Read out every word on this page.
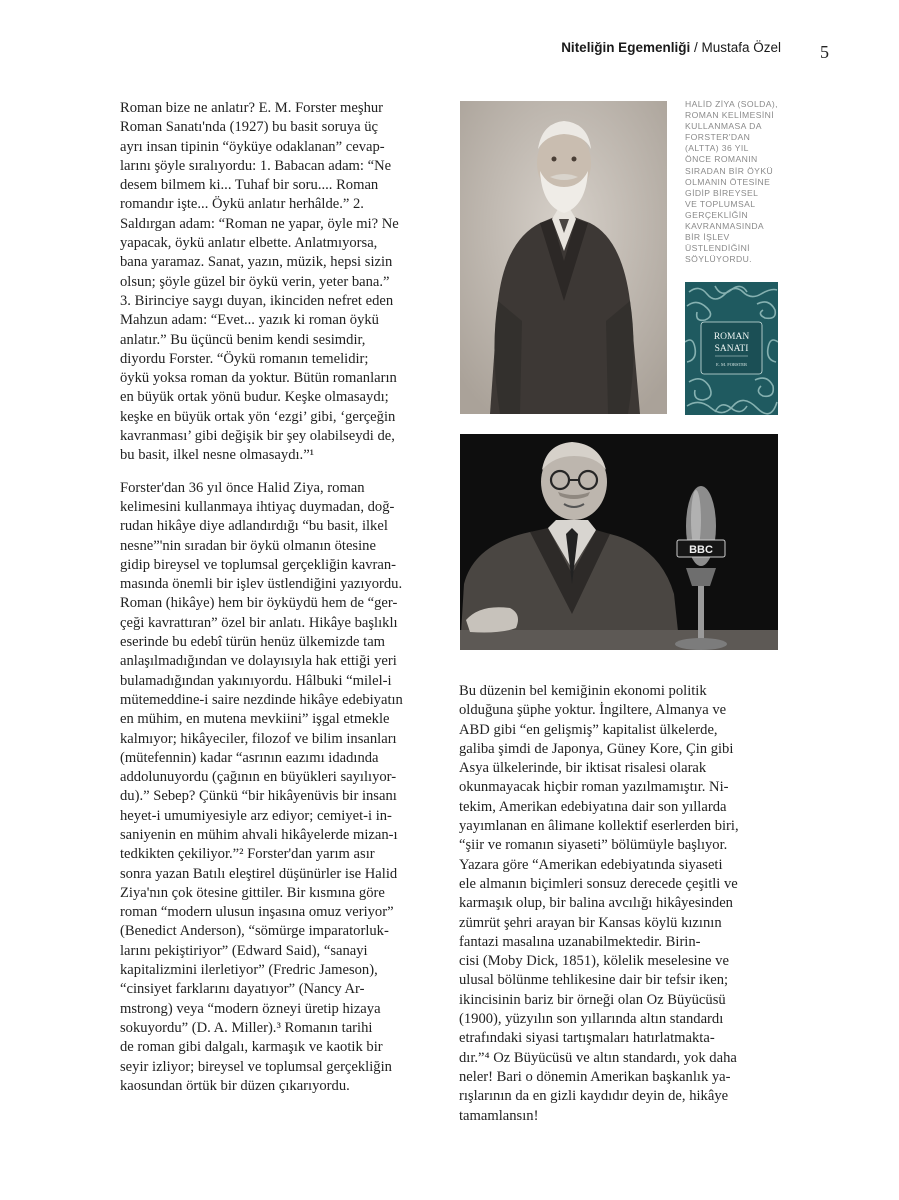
Niteliğin Egemenliği / Mustafa Özel 5
HALİD ZİYA (SOLDA),
ROMAN KELİMESİNİ
KULLANMASA DA
FORSTER'DAN
(ALTTA) 36 YIL
ÖNCE ROMANIN
SIRADAN BİR ÖYKÜ
OLMANIN ÖTESİNE
GİDİP BİREYSEL
VE TOPLUMSAL
GERÇEKLİĞİN
KAVRANMASINDA
BİR İŞLEV
ÜSTLENDİĞİNİ
SÖYLÜYORDU.
ROMAN
SANATI
E. M. FORSTER
BBC

Roman bize ne anlatır? E. M. Forster meşhur
Roman Sanatı'nda (1927) bu basit soruya üç
ayrı insan tipinin “öyküye odaklanan” cevap-
larını şöyle sıralıyordu: 1. Babacan adam: “Ne
desem bilmem ki... Tuhaf bir soru.... Roman
romandır işte... Öykü anlatır herhâlde.” 2.
Saldırgan adam: “Roman ne yapar, öyle mi? Ne
yapacak, öykü anlatır elbette. Anlatmıyorsa,
bana yaramaz. Sanat, yazın, müzik, hepsi sizin
olsun; şöyle güzel bir öykü verin, yeter bana.”
3. Birinciye saygı duyan, ikinciden nefret eden
Mahzun adam: “Evet... yazık ki roman öykü
anlatır.” Bu üçüncü benim kendi sesimdir,
diyordu Forster. “Öykü romanın temelidir;
öykü yoksa roman da yoktur. Bütün romanların
en büyük ortak yönü budur. Keşke olmasaydı;
keşke en büyük ortak yön ‘ezgi’ gibi, ‘gerçeğin
kavranması’ gibi değişik bir şey olabilseydi de,
bu basit, ilkel nesne olmasaydı.”¹

Forster'dan 36 yıl önce Halid Ziya, roman
kelimesini kullanmaya ihtiyaç duymadan, doğ-
rudan hikâye diye adlandırdığı “bu basit, ilkel
nesne”'nin sıradan bir öykü olmanın ötesine
gidip bireysel ve toplumsal gerçekliğin kavran-
masında önemli bir işlev üstlendiğini yazıyordu.
Roman (hikâye) hem bir öyküydü hem de “ger-
çeği kavrattıran” özel bir anlatı. Hikâye başlıklı
eserinde bu edebî türün henüz ülkemizde tam
anlaşılmadığından ve dolayısıyla hak ettiği yeri
bulamadığından yakınıyordu. Hâlbuki “milel-i
mütemeddine-i saire nezdinde hikâye edebiyatın
en mühim, en mutena mevkiini” işgal etmekle
kalmıyor; hikâyeciler, filozof ve bilim insanları
(mütefennin) kadar “asrının eazımı idadında
addolunuyordu (çağının en büyükleri sayılıyor-
du).” Sebep? Çünkü “bir hikâyenüvis bir insanı
heyet-i umumiyesiyle arz ediyor; cemiyet-i in-
saniyenin en mühim ahvali hikâyelerde mizan-ı
tedkikten çekiliyor.”² Forster'dan yarım asır
sonra yazan Batılı eleştirel düşünürler ise Halid
Ziya'nın çok ötesine gittiler. Bir kısmına göre
roman “modern ulusun inşasına omuz veriyor”
(Benedict Anderson), “sömürge imparatorluk-
larını pekiştiriyor” (Edward Said), “sanayi
kapitalizmini ilerletiyor” (Fredric Jameson),
“cinsiyet farklarını dayatıyor” (Nancy Ar-
mstrong) veya “modern özneyi üretip hizaya
sokuyordu” (D. A. Miller).³ Romanın tarihi
de roman gibi dalgalı, karmaşık ve kaotik bir
seyir izliyor; bireysel ve toplumsal gerçekliğin
kaosundan örtük bir düzen çıkarıyordu.

Bu düzenin bel kemiğinin ekonomi politik
olduğuna şüphe yoktur. İngiltere, Almanya ve
ABD gibi “en gelişmiş” kapitalist ülkelerde,
galiba şimdi de Japonya, Güney Kore, Çin gibi
Asya ülkelerinde, bir iktisat risalesi olarak
okunmayacak hiçbir roman yazılmamıştır. Ni-
tekim, Amerikan edebiyatına dair son yıllarda
yayımlanan en âlimane kollektif eserlerden biri,
“şiir ve romanın siyaseti” bölümüyle başlıyor.
Yazara göre “Amerikan edebiyatında siyaseti
ele almanın biçimleri sonsuz derecede çeşitli ve
karmaşık olup, bir balina avcılığı hikâyesinden
zümrüt şehri arayan bir Kansas köylü kızının
fantazi masalına uzanabilmektedir. Birin-
cisi (Moby Dick, 1851), kölelik meselesine ve
ulusal bölünme tehlikesine dair bir tefsir iken;
ikincisinin bariz bir örneği olan Oz Büyücüsü
(1900), yüzyılın son yıllarında altın standardı
etrafındaki siyasi tartışmaları hatırlatmakta-
dır.”⁴ Oz Büyücüsü ve altın standardı, yok daha
neler! Bari o dönemin Amerikan başkanlık ya-
rışlarının da en gizli kaydıdır deyin de, hikâye
tamamlansın!
